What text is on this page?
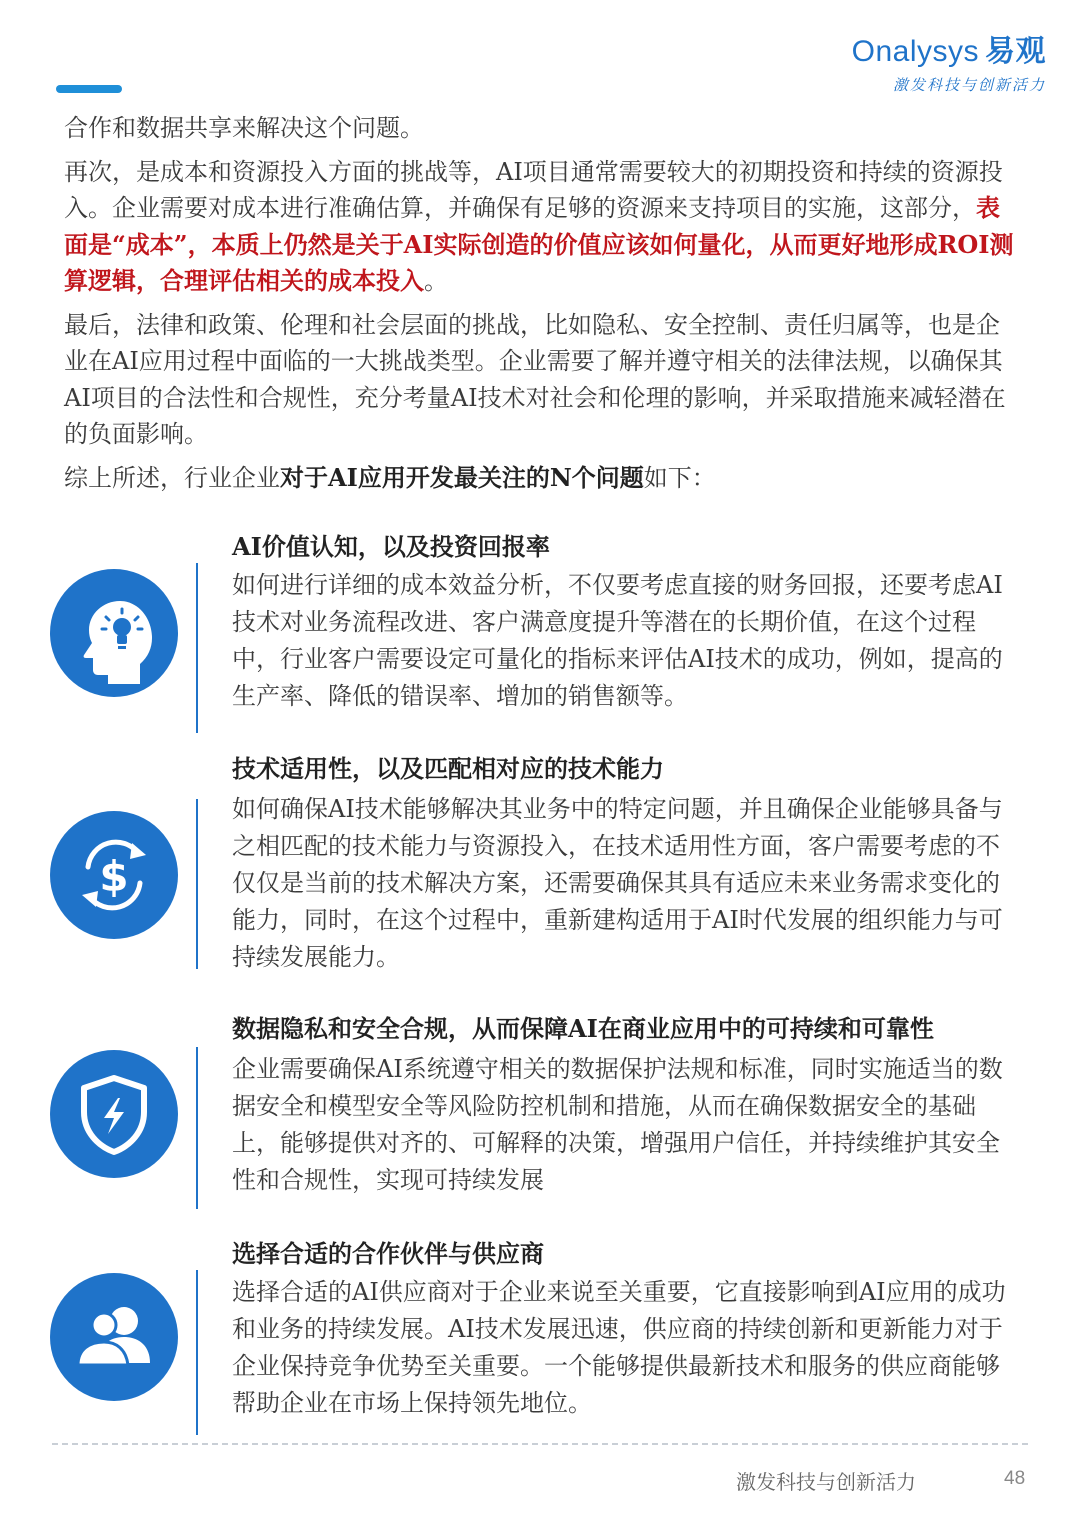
Onalysys 易观
激发科技与创新活力

合作和数据共享来解决这个问题。

再次，是成本和资源投入方面的挑战等，AI项目通常需要较大的初期投资和持续的资源投入。企业需要对成本进行准确估算，并确保有足够的资源来支持项目的实施，这部分，表面是“成本”，本质上仍然是关于AI实际创造的价值应该如何量化，从而更好地形成ROI测算逻辑，合理评估相关的成本投入。

最后，法律和政策、伦理和社会层面的挑战，比如隐私、安全控制、责任归属等，也是企业在AI应用过程中面临的一大挑战类型。企业需要了解并遵守相关的法律法规，以确保其AI项目的合法性和合规性，充分考量AI技术对社会和伦理的影响，并采取措施来减轻潜在的负面影响。

综上所述，行业企业对于AI应用开发最关注的N个问题如下：

AI价值认知，以及投资回报率
如何进行详细的成本效益分析，不仅要考虑直接的财务回报，还要考虑AI技术对业务流程改进、客户满意度提升等潜在的长期价值，在这个过程中，行业客户需要设定可量化的指标来评估AI技术的成功，例如，提高的生产率、降低的错误率、增加的销售额等。
技术适用性，以及匹配相对应的技术能力
如何确保AI技术能够解决其业务中的特定问题，并且确保企业能够具备与之相匹配的技术能力与资源投入，在技术适用性方面，客户需要考虑的不仅仅是当前的技术解决方案，还需要确保其具有适应未来业务需求变化的能力，同时，在这个过程中，重新建构适用于AI时代发展的组织能力与可持续发展能力。
$
数据隐私和安全合规，从而保障AI在商业应用中的可持续和可靠性
企业需要确保AI系统遵守相关的数据保护法规和标准，同时实施适当的数据安全和模型安全等风险防控机制和措施，从而在确保数据安全的基础上，能够提供对齐的、可解释的决策，增强用户信任，并持续维护其安全性和合规性，实现可持续发展
选择合适的合作伙伴与供应商
选择合适的AI供应商对于企业来说至关重要，它直接影响到AI应用的成功和业务的持续发展。AI技术发展迅速，供应商的持续创新和更新能力对于企业保持竞争优势至关重要。一个能够提供最新技术和服务的供应商能够帮助企业在市场上保持领先地位。
激发科技与创新活力	48
